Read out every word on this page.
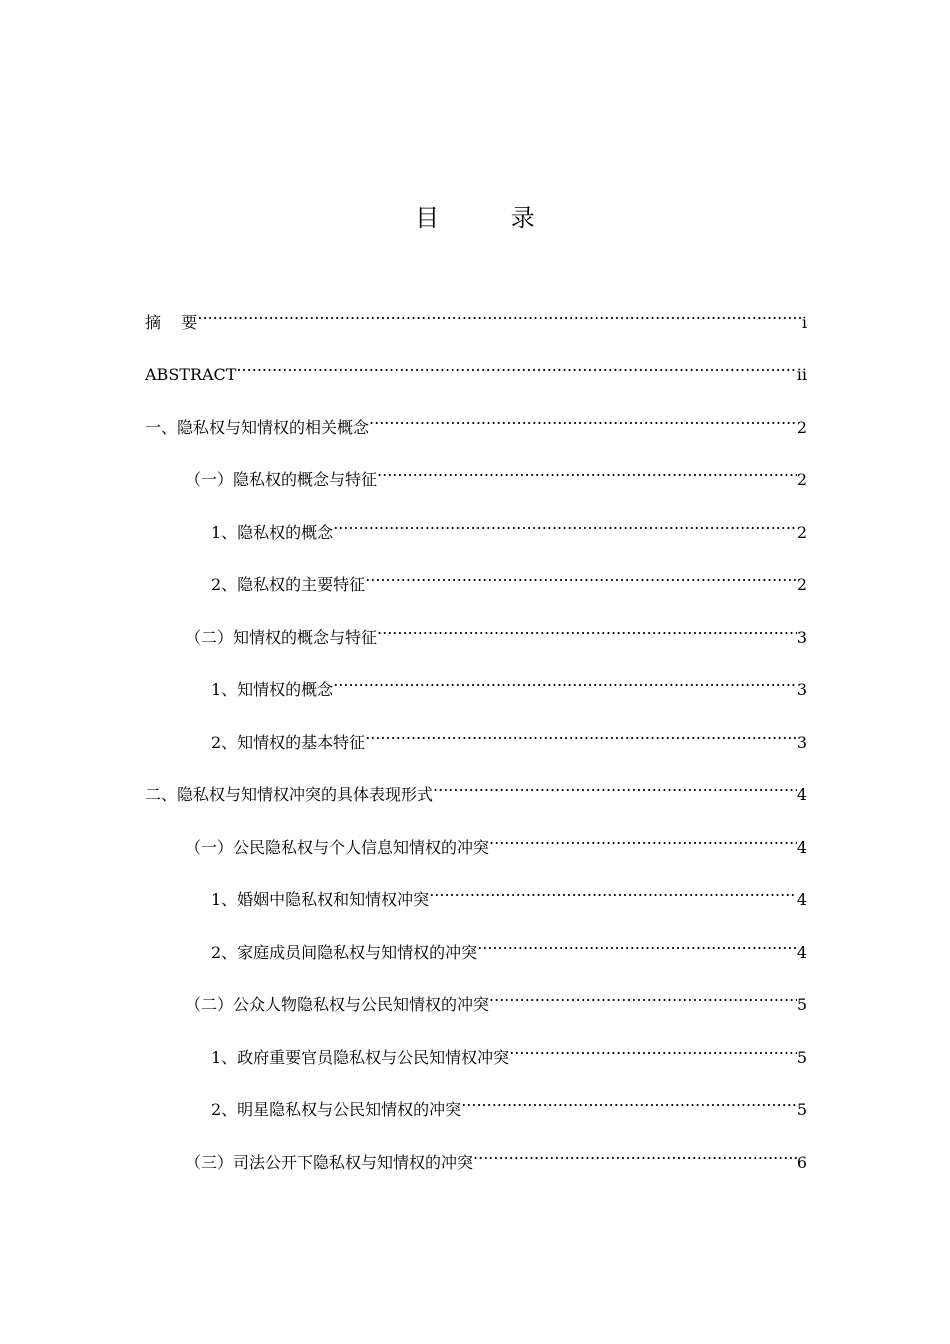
目 录
摘    要 .....	i
ABSTRACT .....	ii
一、隐私权与知情权的相关概念 .....	2
（一）隐私权的概念与特征 .....	2
1、隐私权的概念 .....	2
2、隐私权的主要特征 .....	2
（二）知情权的概念与特征 .....	3
1、知情权的概念 .....	3
2、知情权的基本特征 .....	3
二、隐私权与知情权冲突的具体表现形式 .....	4
（一）公民隐私权与个人信息知情权的冲突 .....	4
1、婚姻中隐私权和知情权冲突 .....	4
2、家庭成员间隐私权与知情权的冲突 .....	4
（二）公众人物隐私权与公民知情权的冲突 .....	5
1、政府重要官员隐私权与公民知情权冲突 .....	5
2、明星隐私权与公民知情权的冲突 .....	5
（三）司法公开下隐私权与知情权的冲突 .....	6
